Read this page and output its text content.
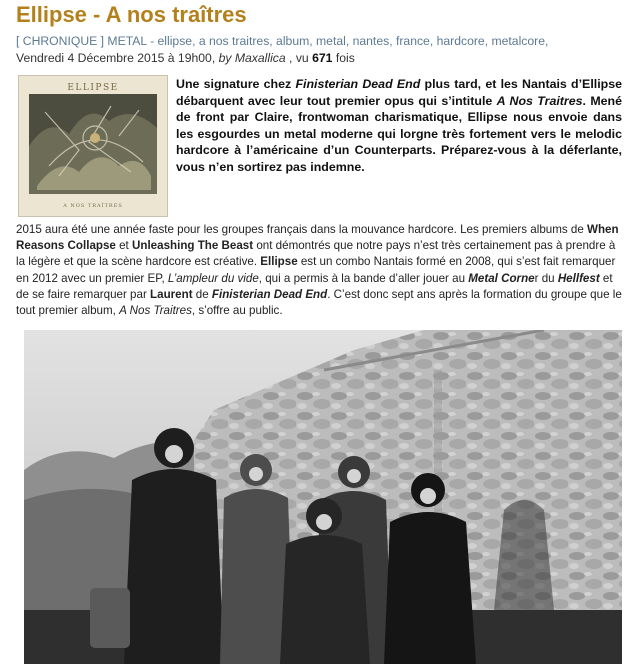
Ellipse - A nos traîtres
[ CHRONIQUE ] METAL - ellipse, a nos traitres, album, metal, nantes, france, hardcore, metalcore,
Vendredi 4 Décembre 2015 à 19h00, by Maxallica , vu 671 fois
ELLIPSE
A NOS TRAÎTRES
Une signature chez Finisterian Dead End plus tard, et les Nantais d’Ellipse débarquent avec leur tout premier opus qui s’intitule A Nos Traitres. Mené de front par Claire, frontwoman charismatique, Ellipse nous envoie dans les esgourdes un metal moderne qui lorgne très fortement vers le melodic hardcore à l’américaine d’un Counterparts. Préparez-vous à la déferlante, vous n’en sortirez pas indemne.
2015 aura été une année faste pour les groupes français dans la mouvance hardcore. Les premiers albums de When Reasons Collapse et Unleashing The Beast ont démontrés que notre pays n’est très certainement pas à prendre à la légère et que la scène hardcore est créative. Ellipse est un combo Nantais formé en 2008, qui s’est fait remarquer en 2012 avec un premier EP, L’ampleur du vide, qui a permis à la bande d’aller jouer au Metal Corner du Hellfest et de se faire remarquer par Laurent de Finisterian Dead End. C’est donc sept ans après la formation du groupe que le tout premier album, A Nos Traitres, s’offre au public.
